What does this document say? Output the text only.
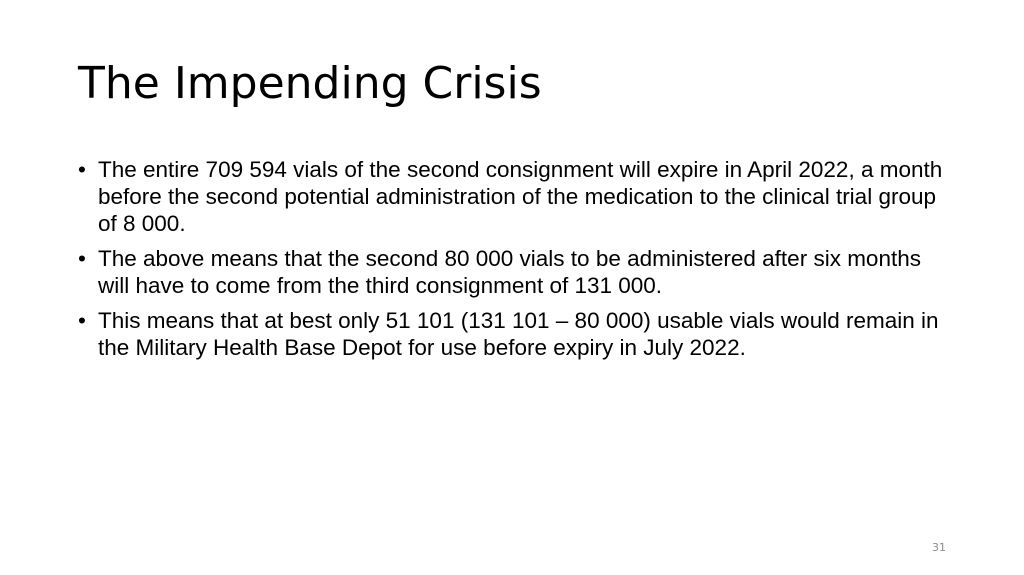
The Impending Crisis
• The entire 709 594 vials of the second consignment will expire in April 2022, a month before the second potential administration of the medication to the clinical trial group of 8 000.
• The above means that the second 80 000 vials to be administered after six months will have to come from the third consignment of 131 000.
• This means that at best only 51 101 (131 101 – 80 000) usable vials would remain in the Military Health Base Depot for use before expiry in July 2022.
31
